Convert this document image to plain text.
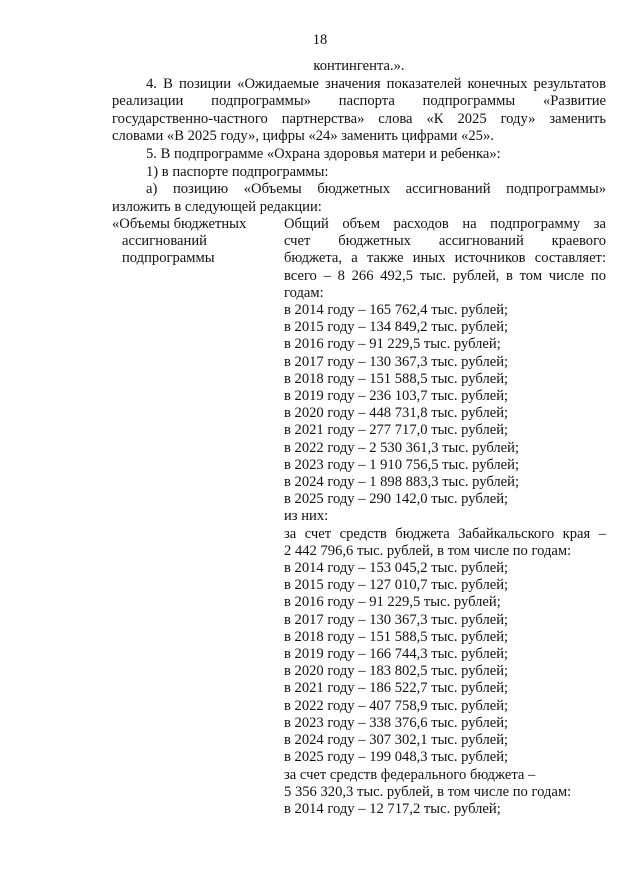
18
контингента.».
4. В позиции «Ожидаемые значения показателей конечных результатов
реализации подпрограммы» паспорта подпрограммы «Развитие
государственно-частного партнерства» слова «К 2025 году» заменить
словами «В 2025 году», цифры «24» заменить цифрами «25».
5. В подпрограмме «Охрана здоровья матери и ребенка»:
1) в паспорте подпрограммы:
а) позицию «Объемы бюджетных ассигнований подпрограммы»
изложить в следующей редакции:
«Объемы бюджетных
ассигнований
подпрограммы
Общий объем расходов на подпрограмму за
счет бюджетных ассигнований краевого
бюджета, а также иных источников составляет:
всего – 8 266 492,5 тыс. рублей, в том числе по
годам:
в 2014 году – 165 762,4 тыс. рублей;
в 2015 году – 134 849,2 тыс. рублей;
в 2016 году – 91 229,5 тыс. рублей;
в 2017 году – 130 367,3 тыс. рублей;
в 2018 году – 151 588,5 тыс. рублей;
в 2019 году – 236 103,7 тыс. рублей;
в 2020 году – 448 731,8 тыс. рублей;
в 2021 году – 277 717,0 тыс. рублей;
в 2022 году – 2 530 361,3 тыс. рублей;
в 2023 году – 1 910 756,5 тыс. рублей;
в 2024 году – 1 898 883,3 тыс. рублей;
в 2025 году – 290 142,0 тыс. рублей;
из них:
за счет средств бюджета Забайкальского края –
2 442 796,6 тыс. рублей, в том числе по годам:
в 2014 году – 153 045,2 тыс. рублей;
в 2015 году – 127 010,7 тыс. рублей;
в 2016 году – 91 229,5 тыс. рублей;
в 2017 году – 130 367,3 тыс. рублей;
в 2018 году – 151 588,5 тыс. рублей;
в 2019 году – 166 744,3 тыс. рублей;
в 2020 году – 183 802,5 тыс. рублей;
в 2021 году – 186 522,7 тыс. рублей;
в 2022 году – 407 758,9 тыс. рублей;
в 2023 году – 338 376,6 тыс. рублей;
в 2024 году – 307 302,1 тыс. рублей;
в 2025 году – 199 048,3 тыс. рублей;
за счет средств федерального бюджета –
5 356 320,3 тыс. рублей, в том числе по годам:
в 2014 году – 12 717,2 тыс. рублей;
